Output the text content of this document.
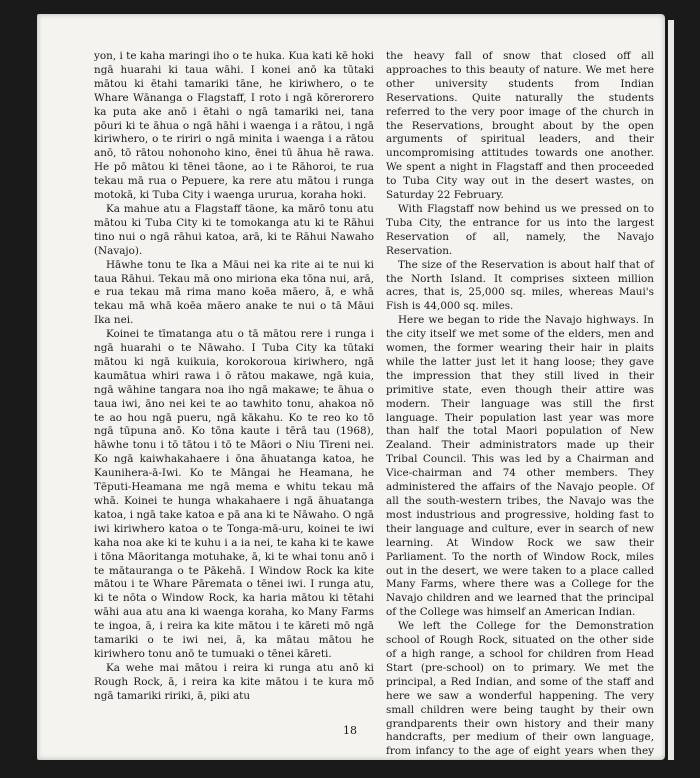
yon, i te kaha maringi iho o te huka. Kua kati kē hoki ngā huarahi ki taua wāhi. I konei anō ka tūtaki mātou ki ētahi tamariki tāne, he kiriwhero, o te Whare Wānanga o Flagstaff, I roto i ngā kōrerorero ka puta ake anō i ētahi o ngā tamariki nei, tana pōuri ki te āhua o ngā hāhi i waenga i a rātou, i ngā kiriwhero, o te ririri o ngā minita i waenga i a rātou anō, tō rātou nohonoho kino, ēnei tū āhua hē rawa. He pō mātou ki tēnei tāone, ao i te Rāhoroi, te rua tekau mā rua o Pepuere, ka rere atu mātou i runga motokā, ki Tuba City i waenga ururua, koraha hoki.

Ka mahue atu a Flagstaff tāone, ka mārō tonu atu mātou ki Tuba City ki te tomokanga atu ki te Rāhui tino nui o ngā rāhui katoa, arā, ki te Rāhui Nawaho (Navajo).

Hāwhe tonu te Ika a Māui nei ka rite ai te nui ki taua Rāhui. Tekau mā ono miriona eka tōna nui, arā, e rua tekau mā rima mano koēa māero, ā, e whā tekau mā whā koēa māero anake te nui o tā Māui Ika nei.

Koinei te tīmatanga atu o tā mātou rere i runga i ngā huarahi o te Nāwaho. I Tuba City ka tūtaki mātou ki ngā kuikuia, korokoroua kiriwhero, ngā kaumātua whiri rawa i ō rātou makawe, ngā kuia, ngā wāhine tangara noa iho ngā makawe; te āhua o taua iwi, āno nei kei te ao tawhito tonu, ahakoa nō te ao hou ngā pueru, ngā kākahu. Ko te reo ko tō ngā tūpuna anō. Ko tōna kaute i tērā tau (1968), hāwhe tonu i tō tātou i tō te Māori o Niu Tīreni nei. Ko ngā kaiwhakahaere i ōna āhuatanga katoa, he Kaunihera-ā-Iwi. Ko te Māngai he Heamana, he Tēputi-Heamana me ngā mema e whitu tekau mā whā. Koinei te hunga whakahaere i ngā āhuatanga katoa, i ngā take katoa e pā ana ki te Nāwaho. O ngā iwi kiriwhero katoa o te Tonga-mā-uru, koinei te iwi kaha noa ake ki te kuhu i a ia nei, te kaha ki te kawe i tōna Māoritanga motuhake, ā, ki te whai tonu anō i te mātauranga o te Pākehā. I Window Rock ka kite mātou i te Whare Pāremata o tēnei iwi. I runga atu, ki te nōta o Window Rock, ka haria mātou ki tētahi wāhi aua atu ana ki waenga koraha, ko Many Farms te ingoa, ā, i reira ka kite mātou i te kāreti mō ngā tamariki o te iwi nei, ā, ka mātau mātou he kiriwhero tonu anō te tumuaki o tēnei kāreti.

Ka wehe mai mātou i reira ki runga atu anō ki Rough Rock, ā, i reira ka kite mātou i te kura mō ngā tamariki ririki, ā, piki atu

the heavy fall of snow that closed off all approaches to this beauty of nature. We met here other university students from Indian Reservations. Quite naturally the students referred to the very poor image of the church in the Reservations, brought about by the open arguments of spiritual leaders, and their uncompromising attitudes towards one another. We spent a night in Flagstaff and then proceeded to Tuba City way out in the desert wastes, on Saturday 22 February.

With Flagstaff now behind us we pressed on to Tuba City, the entrance for us into the largest Reservation of all, namely, the Navajo Reservation.

The size of the Reservation is about half that of the North Island. It comprises sixteen million acres, that is, 25,000 sq. miles, whereas Maui's Fish is 44,000 sq. miles.

Here we began to ride the Navajo highways. In the city itself we met some of the elders, men and women, the former wearing their hair in plaits while the latter just let it hang loose; they gave the impression that they still lived in their primitive state, even though their attire was modern. Their language was still the first language. Their population last year was more than half the total Maori population of New Zealand. Their administrators made up their Tribal Council. This was led by a Chairman and Vice-chairman and 74 other members. They administered the affairs of the Navajo people. Of all the south-western tribes, the Navajo was the most industrious and progressive, holding fast to their language and culture, ever in search of new learning. At Window Rock we saw their Parliament. To the north of Window Rock, miles out in the desert, we were taken to a place called Many Farms, where there was a College for the Navajo children and we learned that the principal of the College was himself an American Indian.

We left the College for the Demonstration school of Rough Rock, situated on the other side of a high range, a school for children from Head Start (pre-school) on to primary. We met the principal, a Red Indian, and some of the staff and here we saw a wonderful happening. The very small children were being taught by their own grandparents their own history and their many handcrafts, per medium of their own language, from infancy to the age of eight years when they are introduced to the Eng-

18
